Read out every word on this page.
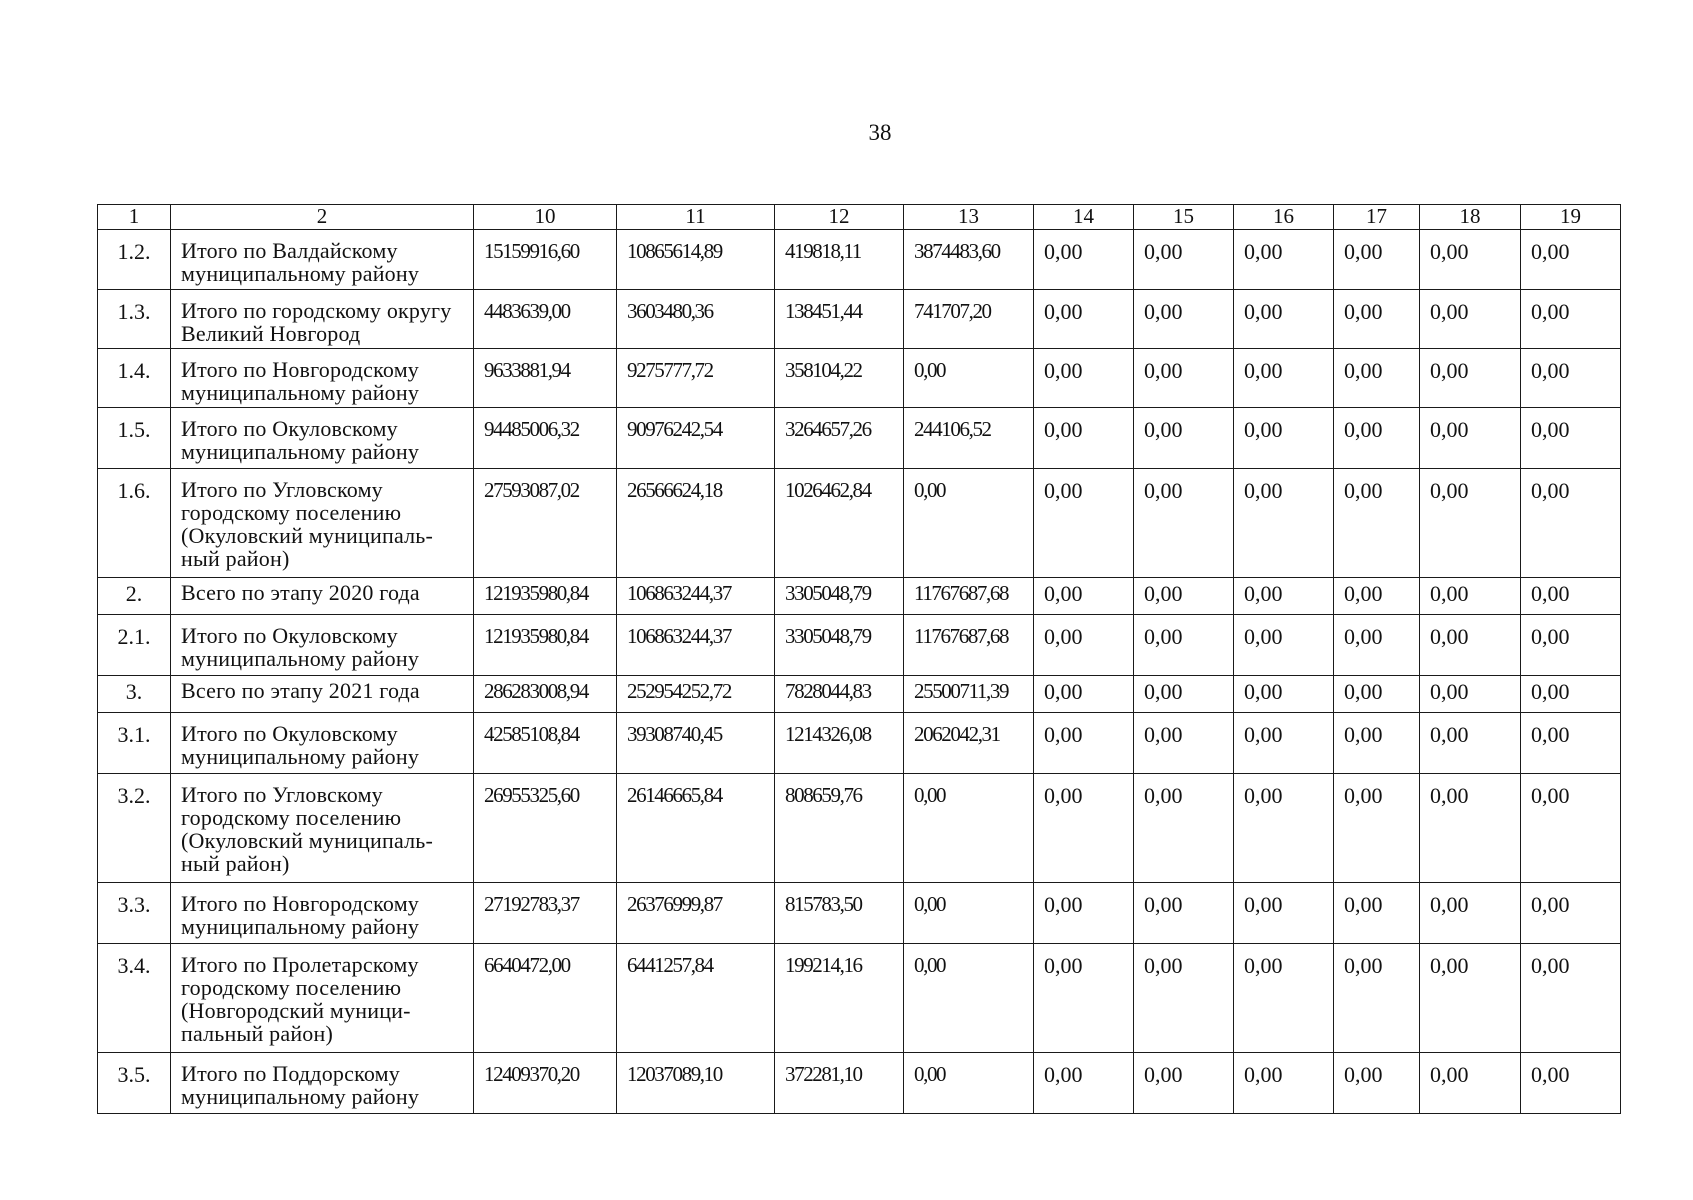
38
1	2	10	11	12	13	14	15	16	17	18	19
1.2.	Итого по Валдайскому муниципальному району	15159916,60	10865614,89	419818,11	3874483,60	0,00	0,00	0,00	0,00	0,00	0,00
1.3.	Итого по городскому округу Великий Новгород	4483639,00	3603480,36	138451,44	741707,20	0,00	0,00	0,00	0,00	0,00	0,00
1.4.	Итого по Новгородскому муниципальному району	9633881,94	9275777,72	358104,22	0,00	0,00	0,00	0,00	0,00	0,00	0,00
1.5.	Итого по Окуловскому муниципальному району	94485006,32	90976242,54	3264657,26	244106,52	0,00	0,00	0,00	0,00	0,00	0,00
1.6.	Итого по Угловскому городскому поселению (Окуловский муниципаль-ный район)	27593087,02	26566624,18	1026462,84	0,00	0,00	0,00	0,00	0,00	0,00	0,00
2.	Всего по этапу 2020 года	121935980,84	106863244,37	3305048,79	11767687,68	0,00	0,00	0,00	0,00	0,00	0,00
2.1.	Итого по Окуловскому муниципальному району	121935980,84	106863244,37	3305048,79	11767687,68	0,00	0,00	0,00	0,00	0,00	0,00
3.	Всего по этапу 2021 года	286283008,94	252954252,72	7828044,83	25500711,39	0,00	0,00	0,00	0,00	0,00	0,00
3.1.	Итого по Окуловскому муниципальному району	42585108,84	39308740,45	1214326,08	2062042,31	0,00	0,00	0,00	0,00	0,00	0,00
3.2.	Итого по Угловскому городскому поселению (Окуловский муниципаль-ный район)	26955325,60	26146665,84	808659,76	0,00	0,00	0,00	0,00	0,00	0,00	0,00
3.3.	Итого по Новгородскому муниципальному району	27192783,37	26376999,87	815783,50	0,00	0,00	0,00	0,00	0,00	0,00	0,00
3.4.	Итого по Пролетарскому городскому поселению (Новгородский муници-пальный район)	6640472,00	6441257,84	199214,16	0,00	0,00	0,00	0,00	0,00	0,00	0,00
3.5.	Итого по Поддорскому муниципальному району	12409370,20	12037089,10	372281,10	0,00	0,00	0,00	0,00	0,00	0,00	0,00
